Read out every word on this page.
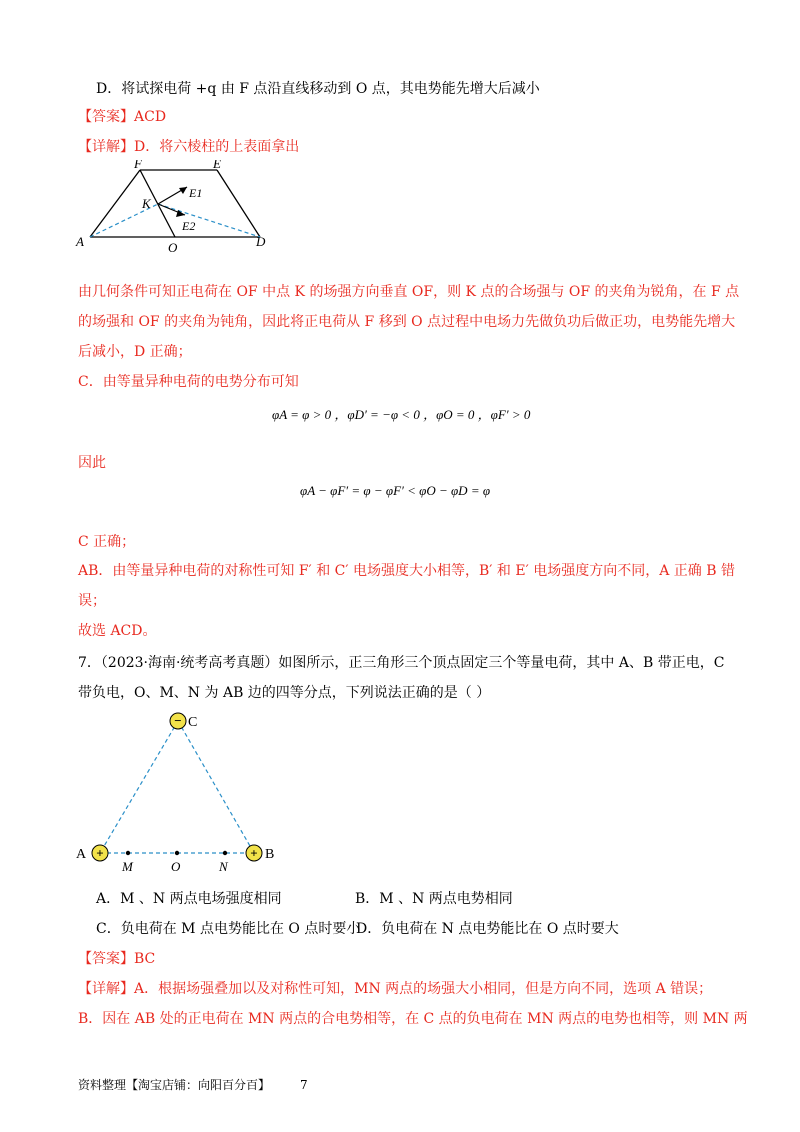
D．将试探电荷 +q 由 F 点沿直线移动到 O 点，其电势能先增大后减小
【答案】ACD
【详解】D．将六棱柱的上表面拿出
F	E
K
E1
E2
A	O	D
由几何条件可知正电荷在 OF 中点 K 的场强方向垂直 OF，则 K 点的合场强与 OF 的夹角为锐角，在 F 点
的场强和 OF 的夹角为钝角，因此将正电荷从 F 移到 O 点过程中电场力先做负功后做正功，电势能先增大
后减小，D 正确；
C．由等量异种电荷的电势分布可知
φA = φ > 0 ，φD′ = −φ < 0 ，φO = 0 ，φF′ > 0
因此
φA − φF′ = φ − φF′ < φO − φD = φ
C 正确；
AB．由等量异种电荷的对称性可知 F′ 和 C′ 电场强度大小相等，B′ 和 E′ 电场强度方向不同，A 正确 B 错
误；
故选 ACD。
7．（2023·海南·统考高考真题）如图所示，正三角形三个顶点固定三个等量电荷，其中 A、B 带正电，C
带负电，O、M、N 为 AB 边的四等分点，下列说法正确的是（ ）
−
+	+
C
A	B
M	O	N
A．M 、N 两点电场强度相同	B．M 、N 两点电势相同
C．负电荷在 M 点电势能比在 O 点时要小
D．负电荷在 N 点电势能比在 O 点时要大
【答案】BC
【详解】A．根据场强叠加以及对称性可知，MN 两点的场强大小相同，但是方向不同，选项 A 错误；
B．因在 AB 处的正电荷在 MN 两点的合电势相等，在 C 点的负电荷在 MN 两点的电势也相等，则 MN 两
资料整理【淘宝店铺：向阳百分百】 7
